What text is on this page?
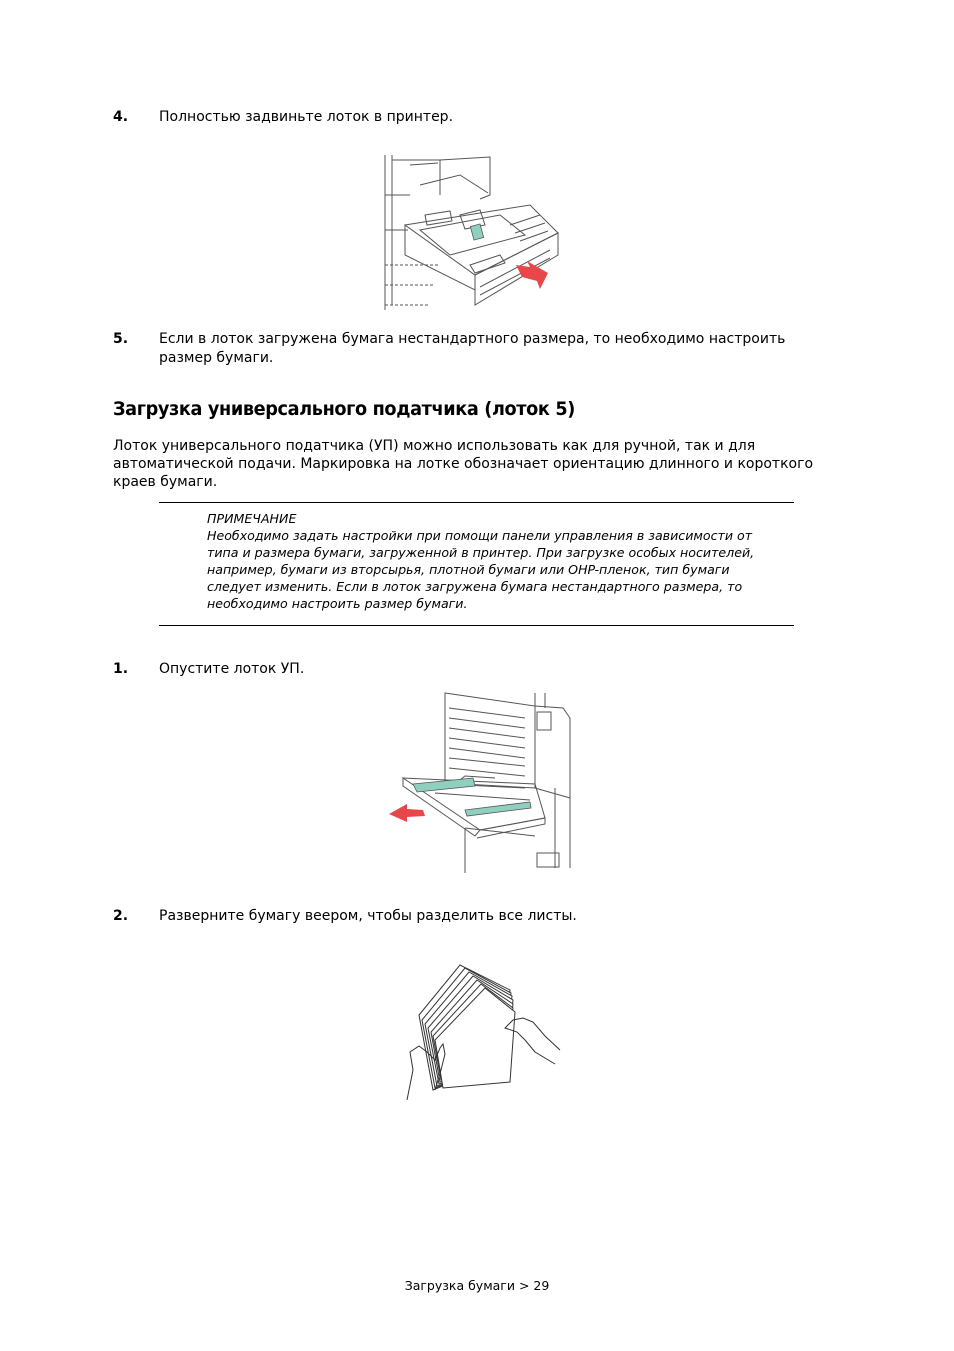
4. Полностью задвиньте лоток в принтер.
5. Если в лоток загружена бумага нестандартного размера, то необходимо настроить размер бумаги.
Загрузка универсального податчика (лоток 5)
Лоток универсального податчика (УП) можно использовать как для ручной, так и для автоматической подачи. Маркировка на лотке обозначает ориентацию длинного и короткого краев бумаги.
ПРИМЕЧАНИЕ
Необходимо задать настройки при помощи панели управления в зависимости от типа и размера бумаги, загруженной в принтер. При загрузке особых носителей, например, бумаги из вторсырья, плотной бумаги или OHP-пленок, тип бумаги следует изменить. Если в лоток загружена бумага нестандартного размера, то необходимо настроить размер бумаги.
1. Опустите лоток УП.
2. Разверните бумагу веером, чтобы разделить все листы.
Загрузка бумаги > 29
